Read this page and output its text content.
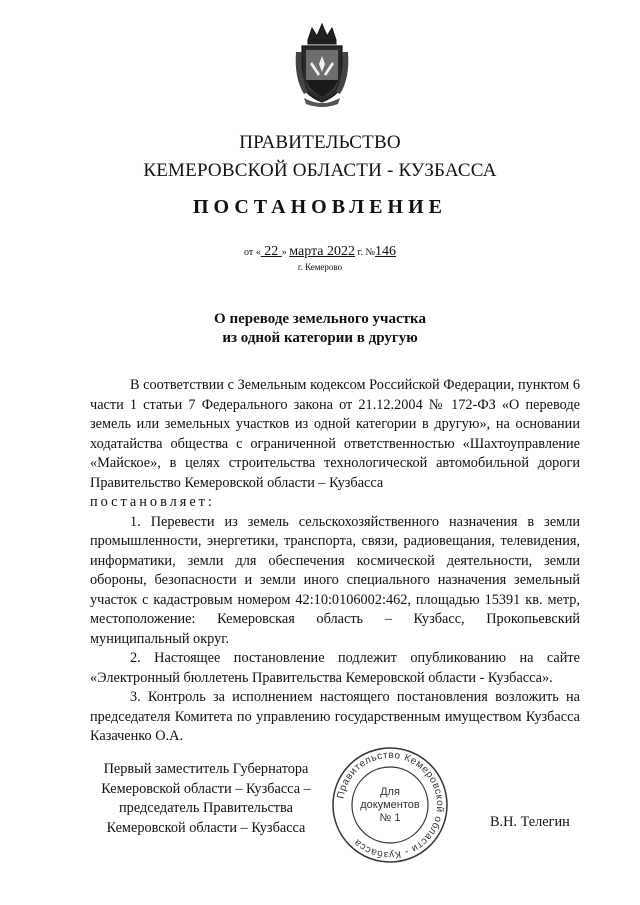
ПРАВИТЕЛЬСТВО
КЕМЕРОВСКОЙ ОБЛАСТИ - КУЗБАССА
ПОСТАНОВЛЕНИЕ
от « 22 » марта 2022 г. №146
г. Кемерово
О переводе земельного участка
из одной категории в другую

В соответствии с Земельным кодексом Российской Федерации, пунктом 6 части 1 статьи 7 Федерального закона от 21.12.2004 № 172-ФЗ «О переводе земель или земельных участков из одной категории в другую», на основании ходатайства общества с ограниченной ответственностью «Шахтоуправление «Майское», в целях строительства технологической автомобильной дороги Правительство Кемеровской области – Кузбасса

постановляет:

1. Перевести из земель сельскохозяйственного назначения в земли промышленности, энергетики, транспорта, связи, радиовещания, телевидения, информатики, земли для обеспечения космической деятельности, земли обороны, безопасности и земли иного специального назначения земельный участок с кадастровым номером 42:10:0106002:462, площадью 15391 кв. метр, местоположение: Кемеровская область – Кузбасс, Прокопьевский муниципальный округ.

2. Настоящее постановление подлежит опубликованию на сайте «Электронный бюллетень Правительства Кемеровской области - Кузбасса».

3. Контроль за исполнением настоящего постановления возложить на председателя Комитета по управлению государственным имуществом Кузбасса Казаченко О.А.

Первый заместитель Губернатора
Кемеровской области – Кузбасса –
председатель Правительства
Кемеровской области – Кузбасса
Правительство Кемеровской области - Кузбасса
Для
документов
№ 1	В.Н. Телегин
